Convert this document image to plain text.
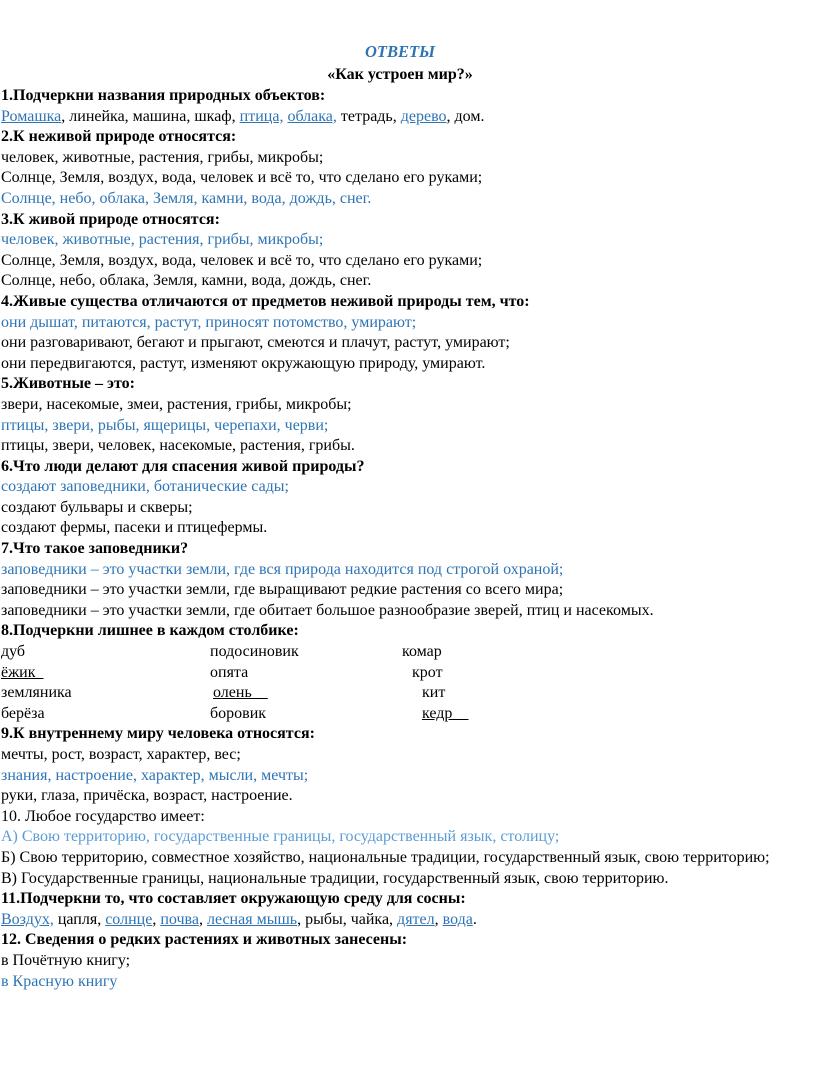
ОТВЕТЫ
«Как устроен мир?»
1.Подчеркни названия природных объектов:
Ромашка, линейка, машина, шкаф, птица, облака, тетрадь, дерево, дом.
2.К неживой природе относятся:
человек, животные, растения, грибы, микробы;
Солнце, Земля, воздух, вода, человек и всё то, что сделано его руками;
Солнце, небо, облака, Земля, камни, вода, дождь, снег.
3.К живой природе относятся:
человек, животные, растения, грибы, микробы;
Солнце, Земля, воздух, вода, человек и всё то, что сделано его руками;
Солнце, небо, облака, Земля, камни, вода, дождь, снег.
4.Живые существа отличаются от предметов неживой природы тем, что:
они дышат, питаются, растут, приносят потомство, умирают;
они разговаривают, бегают и прыгают, смеются и плачут, растут, умирают;
они передвигаются, растут, изменяют окружающую природу, умирают.
5.Животные – это:
звери, насекомые, змеи, растения, грибы, микробы;
птицы, звери, рыбы, ящерицы, черепахи, черви;
птицы, звери, человек, насекомые, растения, грибы.
6.Что люди делают для спасения живой природы?
создают заповедники, ботанические сады;
создают бульвары и скверы;
создают фермы, пасеки и птицефермы.
7.Что такое заповедники?
заповедники – это участки земли, где вся природа находится под строгой охраной;
заповедники – это участки земли, где выращивают редкие растения со всего мира;
заповедники – это участки земли, где обитает большое разнообразие зверей, птиц и насекомых.
8.Подчеркни лишнее в каждом столбике:
дуб	подосиновик	комар
ёжик	опята	крот
земляника	олень	кит
берёза	боровик	кедр__
9.К внутреннему миру человека относятся:
мечты, рост, возраст, характер, вес;
знания, настроение, характер, мысли, мечты;
руки, глаза, причёска, возраст, настроение.
10. Любое государство имеет:
А) Свою территорию, государственные границы, государственный язык, столицу;
Б) Свою территорию, совместное хозяйство, национальные традиции, государственный язык, свою территорию;
В) Государственные границы, национальные традиции, государственный язык, свою территорию.
11.Подчеркни то, что составляет окружающую среду для сосны:
Воздух, цапля, солнце, почва, лесная мышь, рыбы, чайка, дятел, вода.
12. Сведения о редких растениях и животных занесены:
в Почётную книгу;
в Красную книгу
